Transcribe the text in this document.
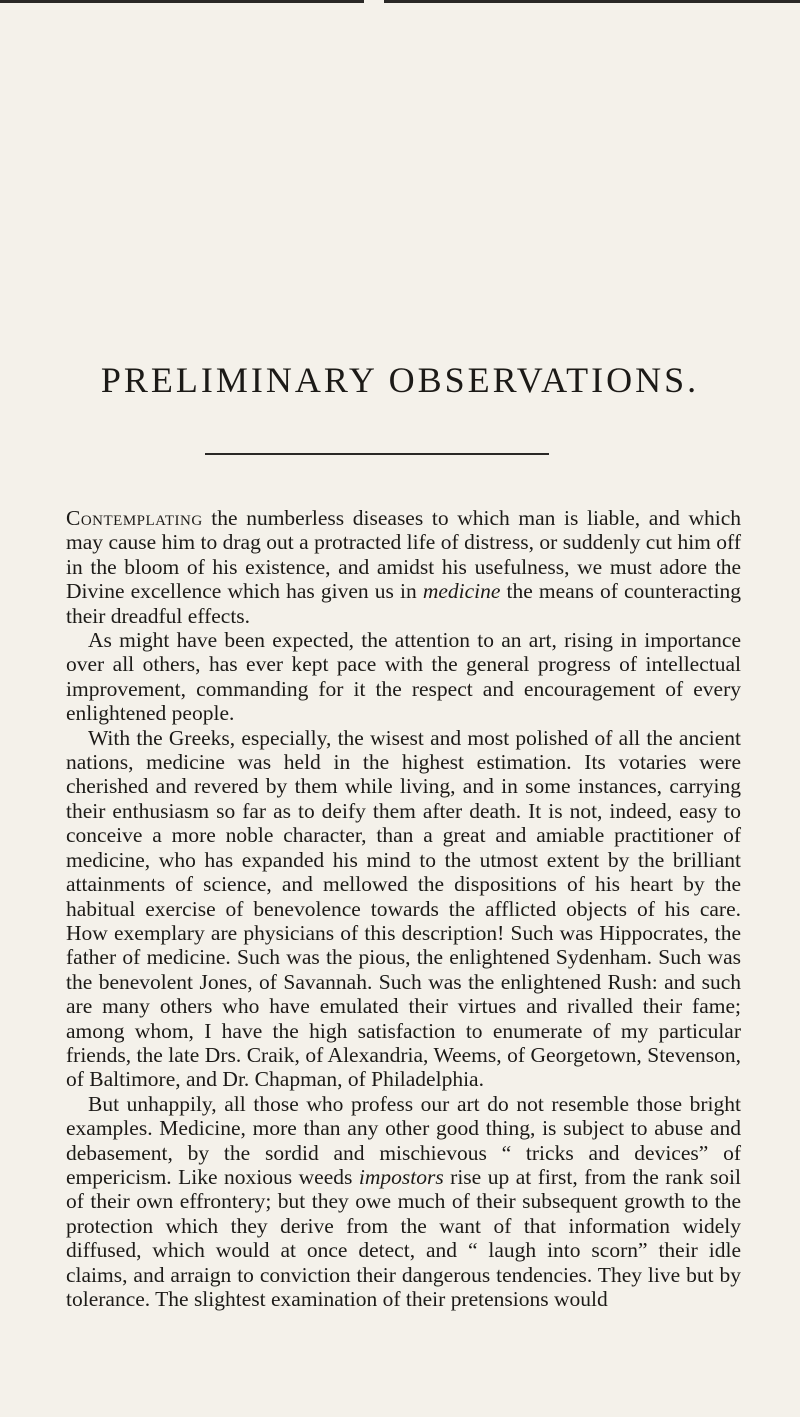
PRELIMINARY OBSERVATIONS.

Contemplating the numberless diseases to which man is liable, and which may cause him to drag out a protracted life of distress, or suddenly cut him off in the bloom of his existence, and amidst his usefulness, we must adore the Divine excellence which has given us in medicine the means of counteracting their dreadful effects.

As might have been expected, the attention to an art, rising in importance over all others, has ever kept pace with the general progress of intellectual improvement, commanding for it the respect and encouragement of every enlightened people.

With the Greeks, especially, the wisest and most polished of all the ancient nations, medicine was held in the highest estimation. Its votaries were cherished and revered by them while living, and in some instances, carrying their enthusiasm so far as to deify them after death. It is not, indeed, easy to conceive a more noble character, than a great and amiable practitioner of medicine, who has expanded his mind to the utmost extent by the brilliant attainments of science, and mellowed the dispositions of his heart by the habitual exercise of benevolence towards the afflicted objects of his care. How exemplary are physicians of this description! Such was Hippocrates, the father of medicine. Such was the pious, the enlightened Sydenham. Such was the benevolent Jones, of Savannah. Such was the enlightened Rush: and such are many others who have emulated their virtues and rivalled their fame; among whom, I have the high satisfaction to enumerate of my particular friends, the late Drs. Craik, of Alexandria, Weems, of Georgetown, Stevenson, of Baltimore, and Dr. Chapman, of Philadelphia.

But unhappily, all those who profess our art do not resemble those bright examples. Medicine, more than any other good thing, is subject to abuse and debasement, by the sordid and mischievous “ tricks and devices” of empericism. Like noxious weeds impostors rise up at first, from the rank soil of their own effrontery; but they owe much of their subsequent growth to the protection which they derive from the want of that information widely diffused, which would at once detect, and “ laugh into scorn” their idle claims, and arraign to conviction their dangerous tendencies. They live but by tolerance. The slightest examination of their pretensions would
